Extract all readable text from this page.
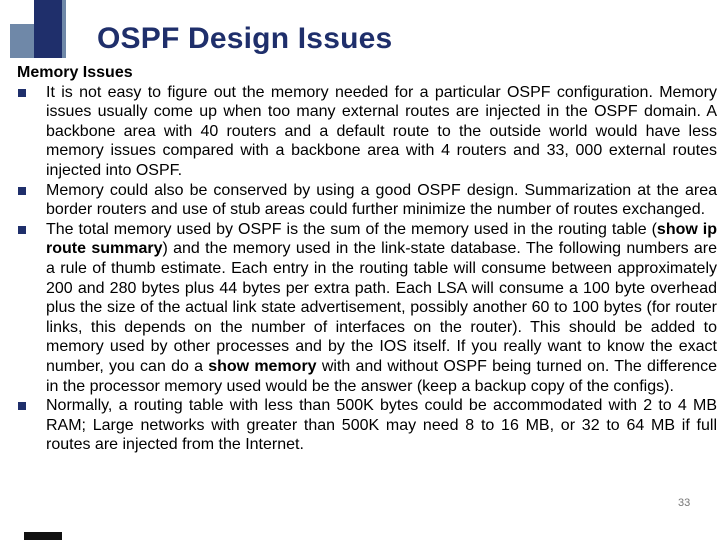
OSPF Design Issues
Memory Issues
It is not easy to figure out the memory needed for a particular OSPF configuration. Memory issues usually come up when too many external routes are injected in the OSPF domain. A backbone area with 40 routers and a default route to the outside world would have less memory issues compared with a backbone area with 4 routers and 33, 000 external routes injected into OSPF.
Memory could also be conserved by using a good OSPF design. Summarization at the area border routers and use of stub areas could further minimize the number of routes exchanged.
The total memory used by OSPF is the sum of the memory used in the routing table (show ip route summary) and the memory used in the link-state database. The following numbers are a rule of thumb estimate. Each entry in the routing table will consume between approximately 200 and 280 bytes plus 44 bytes per extra path. Each LSA will consume a 100 byte overhead plus the size of the actual link state advertisement, possibly another 60 to 100 bytes (for router links, this depends on the number of interfaces on the router). This should be added to memory used by other processes and by the IOS itself. If you really want to know the exact number, you can do a show memory with and without OSPF being turned on. The difference in the processor memory used would be the answer (keep a backup copy of the configs).
Normally, a routing table with less than 500K bytes could be accommodated with 2 to 4 MB RAM; Large networks with greater than 500K may need 8 to 16 MB, or 32 to 64 MB if full routes are injected from the Internet.
33
